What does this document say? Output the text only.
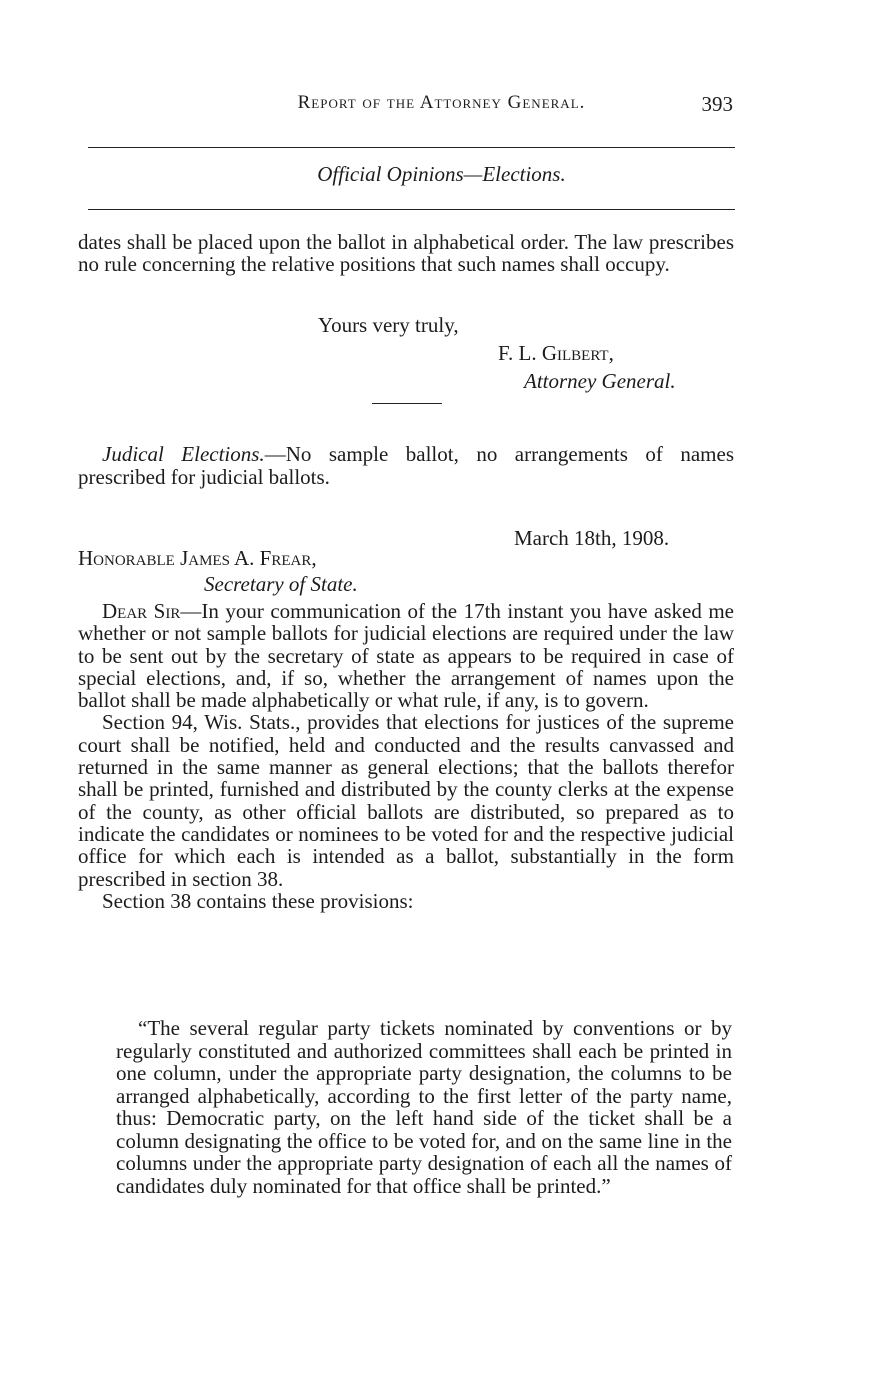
Report of the Attorney General.	393
Official Opinions—Elections.

dates shall be placed upon the ballot in alphabetical order. The law prescribes no rule concerning the relative positions that such names shall occupy.

Yours very truly,
F. L. Gilbert,
Attorney General.
Judical Elections.—No sample ballot, no arrangements of names prescribed for judicial ballots.
March 18th, 1908.
Honorable James A. Frear,
Secretary of State.

Dear Sir—In your communication of the 17th instant you have asked me whether or not sample ballots for judicial elections are required under the law to be sent out by the secretary of state as appears to be required in case of special elections, and, if so, whether the arrangement of names upon the ballot shall be made alphabetically or what rule, if any, is to govern.

Section 94, Wis. Stats., provides that elections for justices of the supreme court shall be notified, held and conducted and the results canvassed and returned in the same manner as general elections; that the ballots therefor shall be printed, furnished and distributed by the county clerks at the expense of the county, as other official ballots are distributed, so prepared as to indicate the candidates or nominees to be voted for and the respective judicial office for which each is intended as a ballot, substantially in the form prescribed in section 38.

Section 38 contains these provisions:

“The several regular party tickets nominated by conventions or by regularly constituted and authorized committees shall each be printed in one column, under the appropriate party designation, the columns to be arranged alphabetically, according to the first letter of the party name, thus: Democratic party, on the left hand side of the ticket shall be a column designating the office to be voted for, and on the same line in the columns under the appropriate party designation of each all the names of candidates duly nominated for that office shall be printed.”
